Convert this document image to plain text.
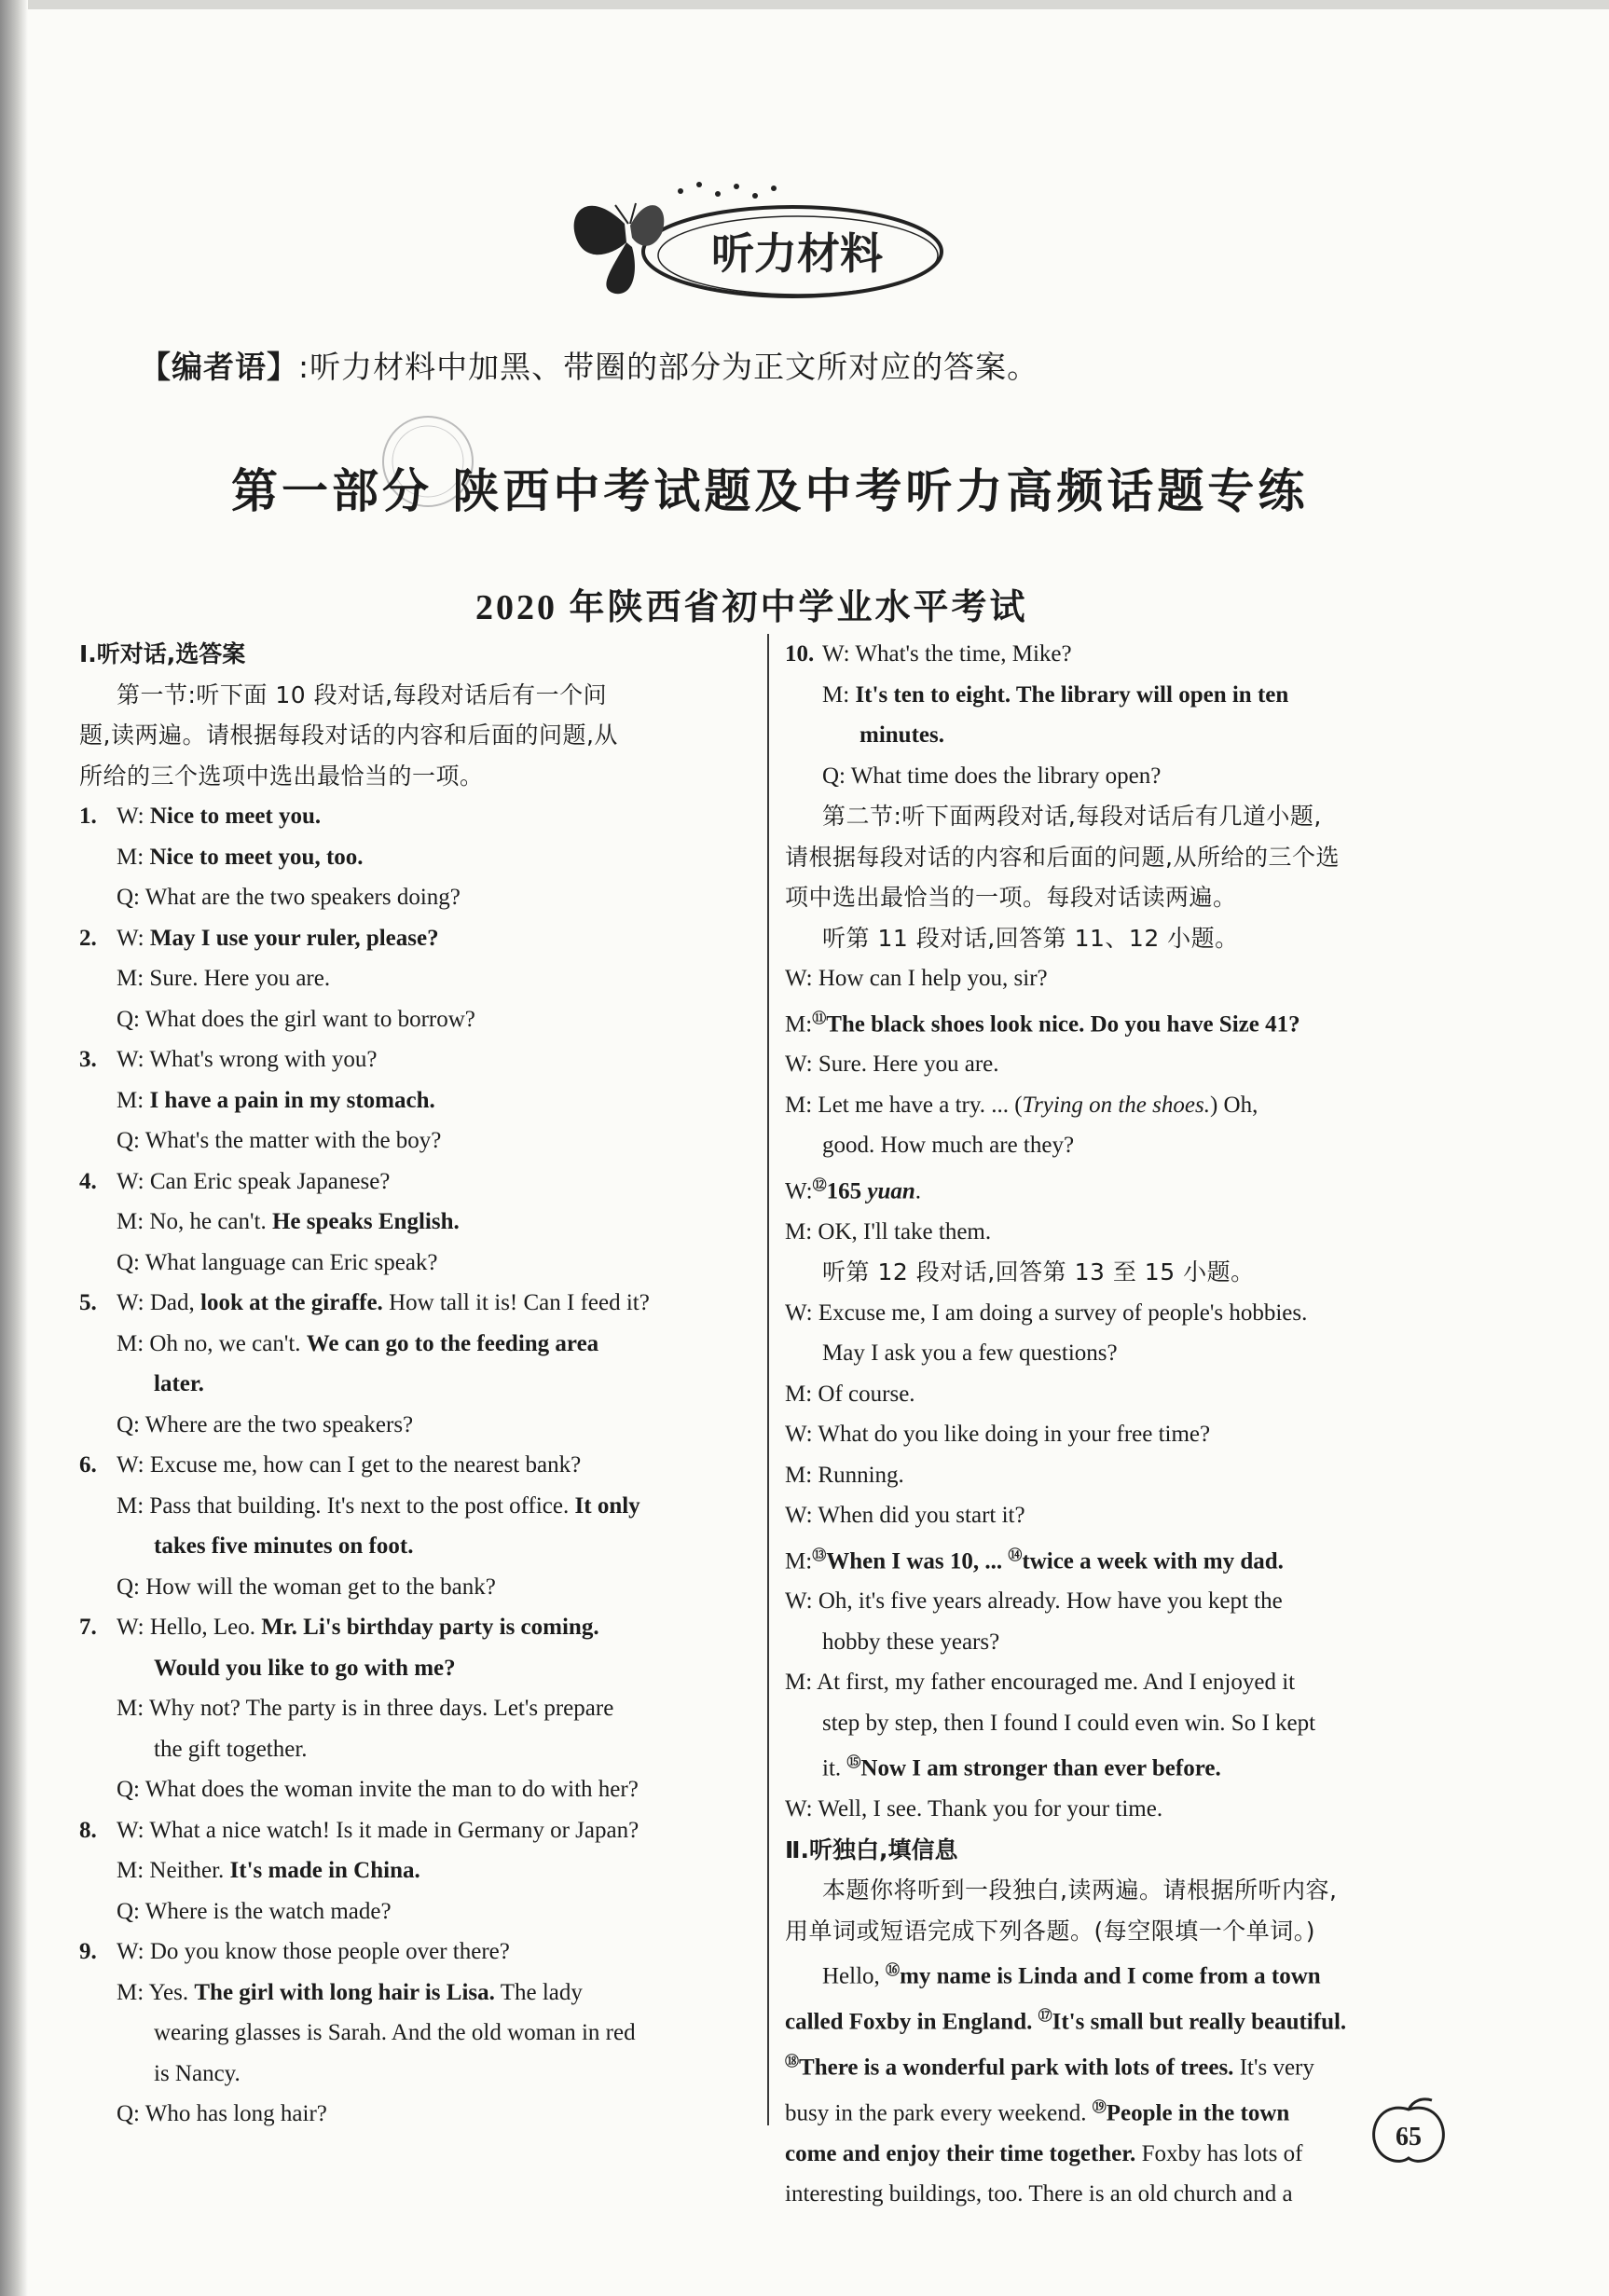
听力材料
【编者语】:听力材料中加黑、带圈的部分为正文所对应的答案。
第一部分 陕西中考试题及中考听力高频话题专练
2020 年陕西省初中学业水平考试
Ⅰ.听对话,选答案
第一节:听下面 10 段对话,每段对话后有一个问
题,读两遍。请根据每段对话的内容和后面的问题,从
所给的三个选项中选出最恰当的一项。
1. W: Nice to meet you.
M: Nice to meet you, too.
Q: What are the two speakers doing?
2. W: May I use your ruler, please?
M: Sure. Here you are.
Q: What does the girl want to borrow?
3. W: What's wrong with you?
M: I have a pain in my stomach.
Q: What's the matter with the boy?
4. W: Can Eric speak Japanese?
M: No, he can't. He speaks English.
Q: What language can Eric speak?
5. W: Dad, look at the giraffe. How tall it is! Can I feed it?
M: Oh no, we can't. We can go to the feeding area
later.
Q: Where are the two speakers?
6. W: Excuse me, how can I get to the nearest bank?
M: Pass that building. It's next to the post office. It only
takes five minutes on foot.
Q: How will the woman get to the bank?
7. W: Hello, Leo. Mr. Li's birthday party is coming.
Would you like to go with me?
M: Why not? The party is in three days. Let's prepare
the gift together.
Q: What does the woman invite the man to do with her?
8. W: What a nice watch! Is it made in Germany or Japan?
M: Neither. It's made in China.
Q: Where is the watch made?
9. W: Do you know those people over there?
M: Yes. The girl with long hair is Lisa. The lady
wearing glasses is Sarah. And the old woman in red
is Nancy.
Q: Who has long hair?
10. W: What's the time, Mike?
M: It's ten to eight. The library will open in ten
minutes.
Q: What time does the library open?
第二节:听下面两段对话,每段对话后有几道小题,
请根据每段对话的内容和后面的问题,从所给的三个选
项中选出最恰当的一项。每段对话读两遍。
听第 11 段对话,回答第 11、12 小题。
W: How can I help you, sir?
M:⑪The black shoes look nice. Do you have Size 41?
W: Sure. Here you are.
M: Let me have a try. ... (Trying on the shoes.) Oh,
good. How much are they?
W:⑫165 yuan.
M: OK, I'll take them.
听第 12 段对话,回答第 13 至 15 小题。
W: Excuse me, I am doing a survey of people's hobbies.
May I ask you a few questions?
M: Of course.
W: What do you like doing in your free time?
M: Running.
W: When did you start it?
M:⑬When I was 10, ... ⑭twice a week with my dad.
W: Oh, it's five years already. How have you kept the
hobby these years?
M: At first, my father encouraged me. And I enjoyed it
step by step, then I found I could even win. So I kept
it. ⑮Now I am stronger than ever before.
W: Well, I see. Thank you for your time.
Ⅱ.听独白,填信息
本题你将听到一段独白,读两遍。请根据所听内容,
用单词或短语完成下列各题。(每空限填一个单词。)
Hello, ⑯my name is Linda and I come from a town
called Foxby in England. ⑰It's small but really beautiful.
⑱There is a wonderful park with lots of trees. It's very
busy in the park every weekend. ⑲People in the town
come and enjoy their time together. Foxby has lots of
interesting buildings, too. There is an old church and a
65
